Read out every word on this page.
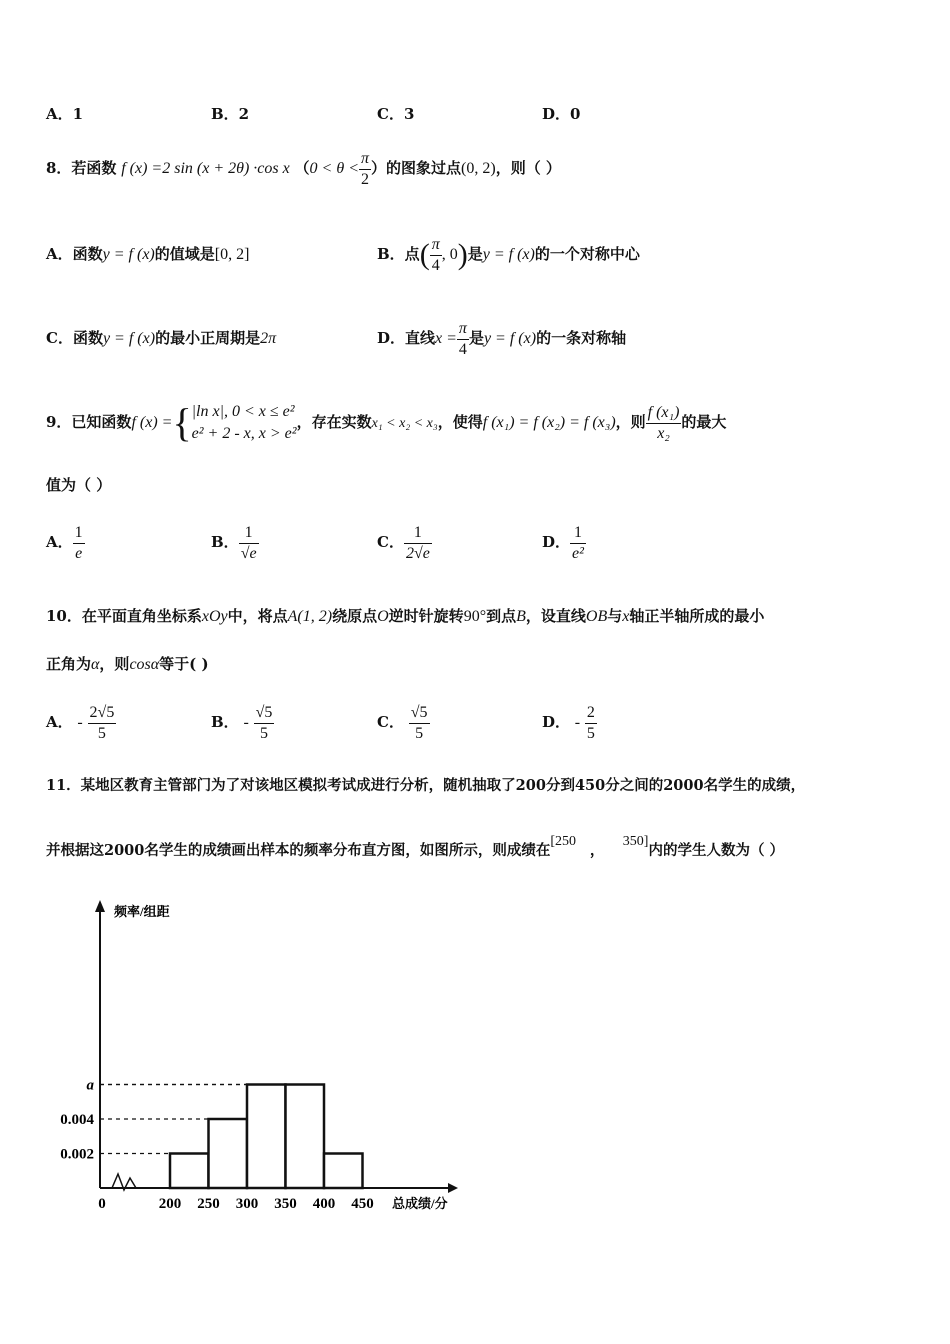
A．1	B．2	C．3	D．0
8．若函数 f (x) =2 sin (x + 2θ) ·cos x （$0 < \theta < \frac{\pi}{2}$ ）的图象过点(0, 2)，则（ ）
A．函数y = f (x)的值域是[0, 2]	B．点( $\frac{\pi}{4}$ , 0)是y = f (x)的一个对称中心
C．函数y = f (x)的最小正周期是2π	D．直线$x = \frac{\pi}{4}$ 是y = f (x)的一条对称轴
9．已知函数f (x) ={ |ln x|, 0 < x ≤ e²
e² + 2 - x, x > e²
，存在实数x₁ < x₂ < x₃，使得f (x₁) = f (x₂) = f (x₃)，则 $\frac{\text{f (x₁)}}{\text{x₂}}$ 的最大
值为（ ）
A． $\frac{1}{e}$	B． $\frac{1}{√e}$	C． $\frac{1}{2√e}$	D． $\frac{1}{\text{e²}}$
10．在平面直角坐标系xOy中，将点A(1, 2)绕原点O逆时针旋转90°到点B，设直线OB与x轴正半轴所成的最小
正角为α，则cosα等于( )
A． - $\frac{2√5}{5}$	B． - $\frac{√5}{5}$	C． $\frac{√5}{5}$	D． - $\frac{2}{5}$
11．某地区教育主管部门为了对该地区模拟考试成进行分析，随机抽取了200分到450分之间的2000名学生的成绩，
并根据这2000名学生的成绩画出样本的频率分布直方图，如图所示，则成绩在[250   ，    350]内的学生人数为（ ）
0.002
0.004
a
0	200 250 300 350 400 450 总成绩/分
频率/组距
